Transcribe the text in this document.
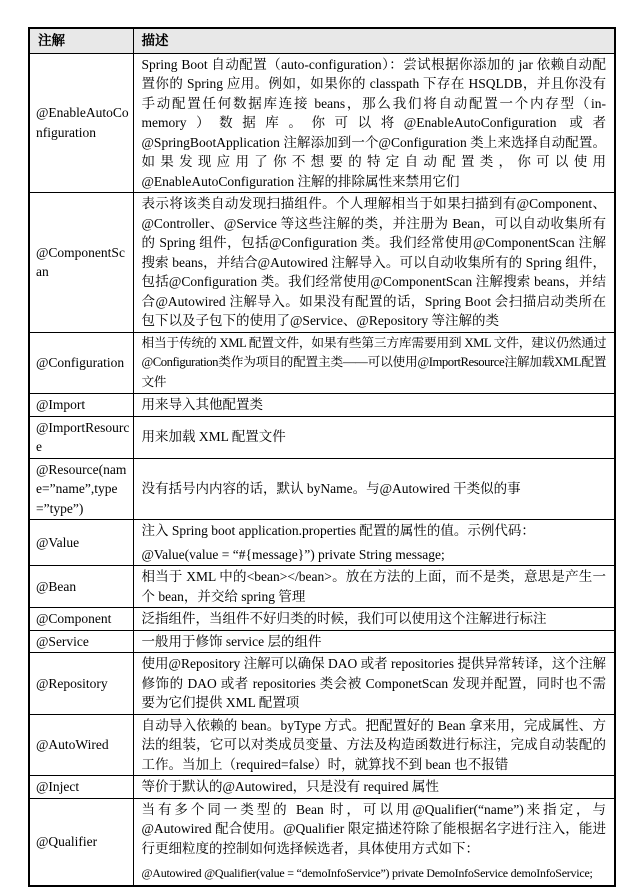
注解	描述
@EnableAutoConfiguration	Spring Boot 自动配置（auto-configuration）：尝试根据你添加的 jar 依赖自动配置你的 Spring 应用。例如，如果你的 classpath 下存在 HSQLDB，并且你没有手动配置任何数据库连接 beans，那么我们将自动配置一个内存型（in-memory）数据库。你可以将@EnableAutoConfiguration 或者 @SpringBootApplication 注解添加到一个@Configuration 类上来选择自动配置。如果发现应用了你不想要的特定自动配置类，你可以使用@EnableAutoConfiguration 注解的排除属性来禁用它们

@ComponentScan	表示将该类自动发现扫描组件。个人理解相当于如果扫描到有@Component、@Controller、@Service 等这些注解的类，并注册为 Bean，可以自动收集所有的 Spring 组件，包括@Configuration 类。我们经常使用@ComponentScan 注解搜索 beans，并结合@Autowired 注解导入。可以自动收集所有的 Spring 组件，包括@Configuration 类。我们经常使用@ComponentScan 注解搜索 beans，并结合@Autowired 注解导入。如果没有配置的话，Spring Boot 会扫描启动类所在包下以及子包下的使用了@Service、@Repository 等注解的类

@Configuration	相当于传统的 XML 配置文件，如果有些第三方库需要用到 XML 文件，建议仍然通过@Configuration类作为项目的配置主类——可以使用@ImportResource注解加载XML配置文件

@Import	用来导入其他配置类

@ImportResource	用来加载 XML 配置文件

@Resource(name=”name”,type=”type”)	没有括号内内容的话，默认 byName。与@Autowired 干类似的事

@Value	注入 Spring boot application.properties 配置的属性的值。示例代码：
@Value(value = “#{message}”) private String message;

@Bean	相当于 XML 中的<bean></bean>。放在方法的上面，而不是类，意思是产生一个 bean，并交给 spring 管理

@Component	泛指组件，当组件不好归类的时候，我们可以使用这个注解进行标注

@Service	一般用于修饰 service 层的组件

@Repository	使用@Repository 注解可以确保 DAO 或者 repositories 提供异常转译，这个注解修饰的 DAO 或者 repositories 类会被 ComponetScan 发现并配置，同时也不需要为它们提供 XML 配置项

@AutoWired	自动导入依赖的 bean。byType 方式。把配置好的 Bean 拿来用，完成属性、方法的组装，它可以对类成员变量、方法及构造函数进行标注，完成自动装配的工作。当加上（required=false）时，就算找不到 bean 也不报错

@Inject	等价于默认的@Autowired，只是没有 required 属性

@Qualifier	当有多个同一类型的 Bean 时，可以用@Qualifier(“name”)来指定，与@Autowired 配合使用。@Qualifier 限定描述符除了能根据名字进行注入，能进行更细粒度的控制如何选择候选者，具体使用方式如下：
@Autowired @Qualifier(value = “demoInfoService”) private DemoInfoService demoInfoService;
